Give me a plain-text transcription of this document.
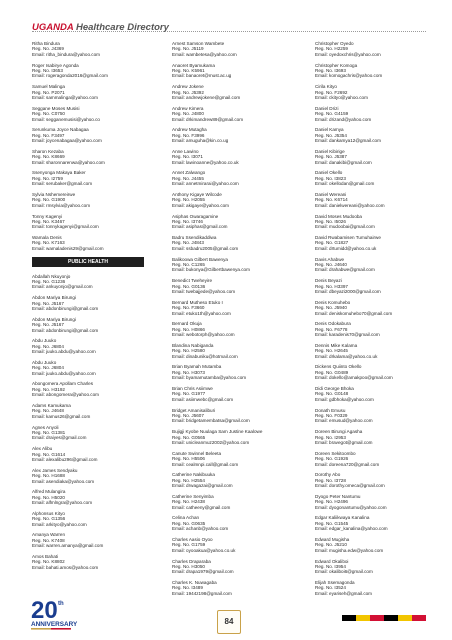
UGANDA Healthcare Directory
Ritha Bindura
Reg. No. J4369
Email: ritha_bindura@yahoo.com
Roger Isabirye Agonda
Reg. No. I3653
Email: rogeragonda2016@gmail.com
Samuel Malinga
Reg. No. P2071
Email: sammalinga@yahoo.com
Seggane Moses Musisi
Reg. No. C0750
Email: segganemusisi@yahoo.co
Serunkuma Joyce Nabagaa
Reg. No. F3497
Email: joycenabagaa@yahoo.com
Sharon Kezaba
Reg. No. K8669
Email: sharonnarenwa@yahoo.com
Ssenyonga Makaya Baker
Reg. No. I2759
Email: serubaker@gmail.com
Sylvia Nshemereirwe
Reg. No. G1900
Email: rmsylvia@yahoo.com
Tonny Kagenyi
Reg. No. K3467
Email: tonnykagenyi@gmail.com
Wamala Denis
Reg. No. K7163
Email: wamaladenis29@gmail.com
PUBLIC HEALTH
Abdallah Nkuyonjo
Reg. No. G1236
Email: ankuyonjo@gmail.com
Abdon Mariya Birungi
Reg. No. J5167
Email: abdonbirungi@gmail.com
Abdon Mariya Birungi
Reg. No. J5167
Email: abdonbirungi@gmail.com
Abdu Juuko
Reg. No. J6804
Email: juuko.abdu@yahoo.com
Abdu Juuko
Reg. No. J6804
Email: juuko.abdu@yahoo.com
Abongomera Apollam Charles
Reg. No. H3192
Email: abongomera@yahoo.com
Adams Kamukama
Reg. No. J4648
Email: kamus26@gmail.com
Agnes Anyoli
Reg. No. G1381
Email: draiyes@gmail.com
Alex Alibu
Reg. No. G1614
Email: alexalibu296@gmail.com
Alex James Sendyaku
Reg. No. H1688
Email: asendiaka@yahoo.com
Alfred Mulangira
Reg. No. H5020
Email: alfmlngra@yahoo.com
Alphonsus Kityo
Reg. No. G1356
Email: arkityo@yahoo.com
Amanya Warren
Reg. No. K7408
Email: warren.amanya@gmail.com
Amos Bahati
Reg. No. K8802
Email: bahati.amos@yahoo.com
Arnest Samson Wambete
Reg. No. J5119
Email: wambetesa@yahoo.com
Anaoret Byamukama
Reg. No. K5961
Email: banaoret@must.ac.ug
Andrew Jokene
Reg. No. J5392
Email: andrewjokene@gmail.com
Andrew Kimera
Reg. No. J4800
Email: drkimandrew89@gmail.com
Andrew Mutagha
Reg. No. F3996
Email: amuguha@kin.co.ug
Anne Lawino
Reg. No. I3071
Email: lawinoanne@yahoo.co.uk
Annet Zalwango
Reg. No. J4455
Email: annetmirarai@yahoo.com
Anthony Kigaye Wilcode
Reg. No. H2055
Email: akigaye@yahoo.com
Asiphas Owaragamine
Reg. No. I3746
Email: asiphas@gmail.com
Badru Ssendikaddiwa
Reg. No. J4843
Email: ssbadru2005@gmail.com
Balikoowa Gilbert Bawenya
Reg. No. C1265
Email: bukonya@Gilbertbawenya.com
Benedict Tweheyire
Reg. No. G0136
Email: twebajjede@yahoo.com
Bernard Mutheso Etuko I
Reg. No. F3660
Email: etuko1th@yahoo.com
Bernard Okuja
Reg. No. H0866
Email: webotorph@yahoo.com
Blandina Nabiganda
Reg. No. H2580
Email: dinabuniku@hotmail.com
Brian Byamah Mutamba
Reg. No. H3073
Email: byamamutamba@yahoo.com
Brian Chris Asiimwe
Reg. No. G1977
Email: asiimwebc@gmail.com
Bridget Amanisaliburi
Reg. No. J5607
Email: bridgetamembatsa@gmail.com
Bujigji Kyobe Nuulaga Sam Justine Kaalowe
Reg. No. G0565
Email: unicleanmuz2002@yahoo.com
Canute Swinnel Beleeta
Reg. No. H5506
Email: cealmnpi.call@gmail.com
Catherine Nakibuuka
Reg. No. H2554
Email: drwagazai@gmail.com
Catherine Senyimba
Reg. No. H2438
Email: catheeny@gmail.com
Celina Achan
Reg. No. G0635
Email: achanb@yahoo.com
Charles Aasio Oyoo
Reg. No. G1759
Email: oyooakua@yahoo.co.uk
Charles Draparaba
Reg. No. H3050
Email: drapa1979@gmail.com
Charles K. Nuwagaba
Reg. No. I3489
Email: 1944z198@gmail.com
Christopher Oyedo
Reg. No. H2259
Email: oyedoxchris@yahoo.com
Christopher Komoga
Reg. No. I3693
Email: komogachris@yahoo.com
Cirila Kityo
Reg. No. F2692
Email: ckityo@yahoo.com
Daniel Drizi
Reg. No. G4159
Email: drizand@yahoo.com
Daniel Kamya
Reg. No. J5354
Email: dankamya12@gmail.com
Daniel Kibirige
Reg. No. J5387
Email: danakibi@gmail.com
Daniel Okello
Reg. No. I3823
Email: okellodan@gmail.com
Daniel Wereani
Reg. No. K6714
Email: danielwereani@yahoo.com
David Moses Mudooba
Reg. No. I5026
Email: mudoobai@gmail.com
David Rwabamisen Tumuhairwe
Reg. No. G1827
Email: drtumidd@yahoo.co.uk
Davis Ahabwe
Reg. No. J4640
Email: drahabwe@gmail.com
Denis Beyazi
Reg. No. H3397
Email: dbeyazi2000@gmail.com
Denis Komuhebo
Reg. No. J5940
Email: deniskomuhebo70@gmail.com
Denis Odokabura
Reg. No. F6778
Email: karadenis70@gmail.com
Dennis Mike Kalama
Reg. No. H2645
Email: drkalama@yahoo.co.uk
Dickens Quiinto Okello
Reg. No. G0489
Email: dokello@amakpoo@gmail.com
Didi George Bhoka
Reg. No. G0148
Email: gdbhoka@yahoo.com
Donath Emusu
Reg. No. F0329
Email: emusud@yahoo.com
Doreen Birungi Agasha
Reg. No. I2953
Email: bravegot@gmail.com
Doreen Sekitoombo
Reg. No. G1926
Email: doreena720@gmail.com
Dorothy Abo
Reg. No. I3728
Email: dorothy.omeca@gmail.com
Dyogo Peter Nantumu
Reg. No. H2496
Email: dyogonantumu@yahoo.com
Edgar Kaliikwaya Kanalina
Reg. No. G1545
Email: edgar_kanalina@yahoo.com
Edward Mugisha
Reg. No. J5210
Email: mugisha.edw@yahoo.com
Edward Okaliboi
Reg. No. I3954
Email: okaliboi6@gmail.com
Elijah Ssemagonda
Reg. No. I3524
Email: eyariseh@gmail.com
20 th
ANNIVERSARY	84
